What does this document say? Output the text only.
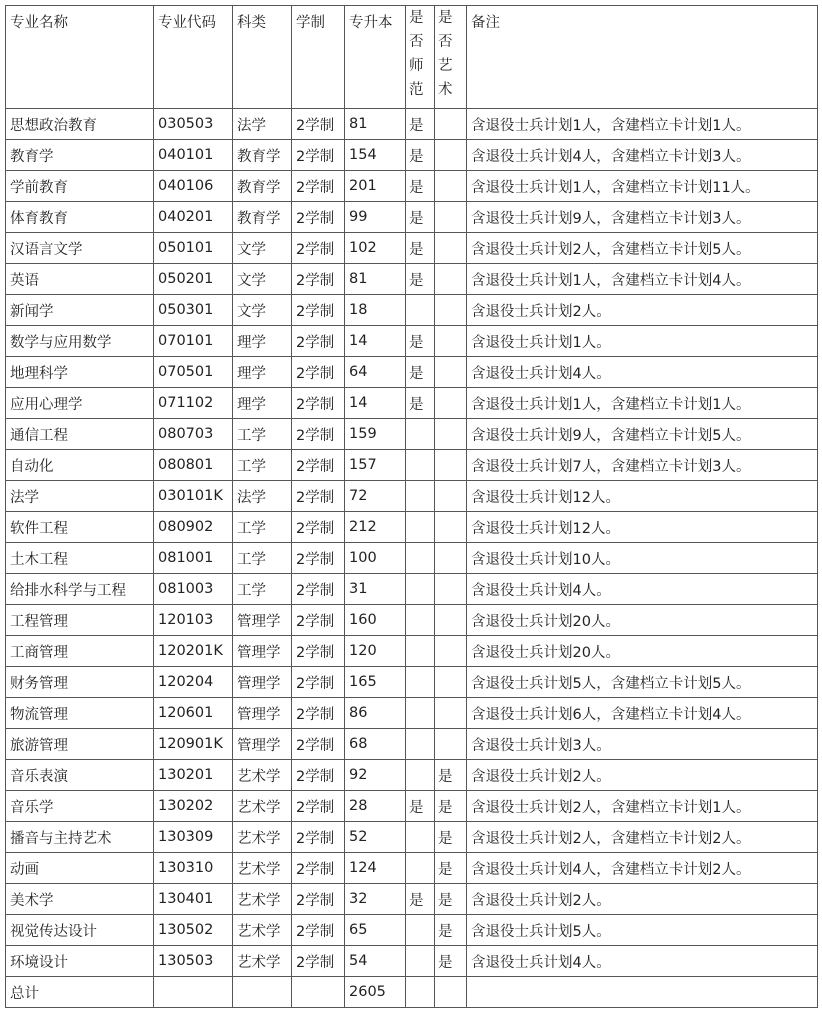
专业名称	专业代码	科类	学制	专升本	是否师范	是否艺术	备注
思想政治教育	030503	法学	2学制	81	是		含退役士兵计划1人，含建档立卡计划1人。
教育学	040101	教育学	2学制	154	是		含退役士兵计划4人，含建档立卡计划3人。
学前教育	040106	教育学	2学制	201	是		含退役士兵计划1人，含建档立卡计划11人。
体育教育	040201	教育学	2学制	99	是		含退役士兵计划9人，含建档立卡计划3人。
汉语言文学	050101	文学	2学制	102	是		含退役士兵计划2人，含建档立卡计划5人。
英语	050201	文学	2学制	81	是		含退役士兵计划1人，含建档立卡计划4人。
新闻学	050301	文学	2学制	18			含退役士兵计划2人。
数学与应用数学	070101	理学	2学制	14	是		含退役士兵计划1人。
地理科学	070501	理学	2学制	64	是		含退役士兵计划4人。
应用心理学	071102	理学	2学制	14	是		含退役士兵计划1人，含建档立卡计划1人。
通信工程	080703	工学	2学制	159			含退役士兵计划9人，含建档立卡计划5人。
自动化	080801	工学	2学制	157			含退役士兵计划7人，含建档立卡计划3人。
法学	030101K	法学	2学制	72			含退役士兵计划12人。
软件工程	080902	工学	2学制	212			含退役士兵计划12人。
土木工程	081001	工学	2学制	100			含退役士兵计划10人。
给排水科学与工程	081003	工学	2学制	31			含退役士兵计划4人。
工程管理	120103	管理学	2学制	160			含退役士兵计划20人。
工商管理	120201K	管理学	2学制	120			含退役士兵计划20人。
财务管理	120204	管理学	2学制	165			含退役士兵计划5人，含建档立卡计划5人。
物流管理	120601	管理学	2学制	86			含退役士兵计划6人，含建档立卡计划4人。
旅游管理	120901K	管理学	2学制	68			含退役士兵计划3人。
音乐表演	130201	艺术学	2学制	92		是	含退役士兵计划2人。
音乐学	130202	艺术学	2学制	28	是	是	含退役士兵计划2人，含建档立卡计划1人。
播音与主持艺术	130309	艺术学	2学制	52		是	含退役士兵计划2人，含建档立卡计划2人。
动画	130310	艺术学	2学制	124		是	含退役士兵计划4人，含建档立卡计划2人。
美术学	130401	艺术学	2学制	32	是	是	含退役士兵计划2人。
视觉传达设计	130502	艺术学	2学制	65		是	含退役士兵计划5人。
环境设计	130503	艺术学	2学制	54		是	含退役士兵计划4人。
总计				2605			
